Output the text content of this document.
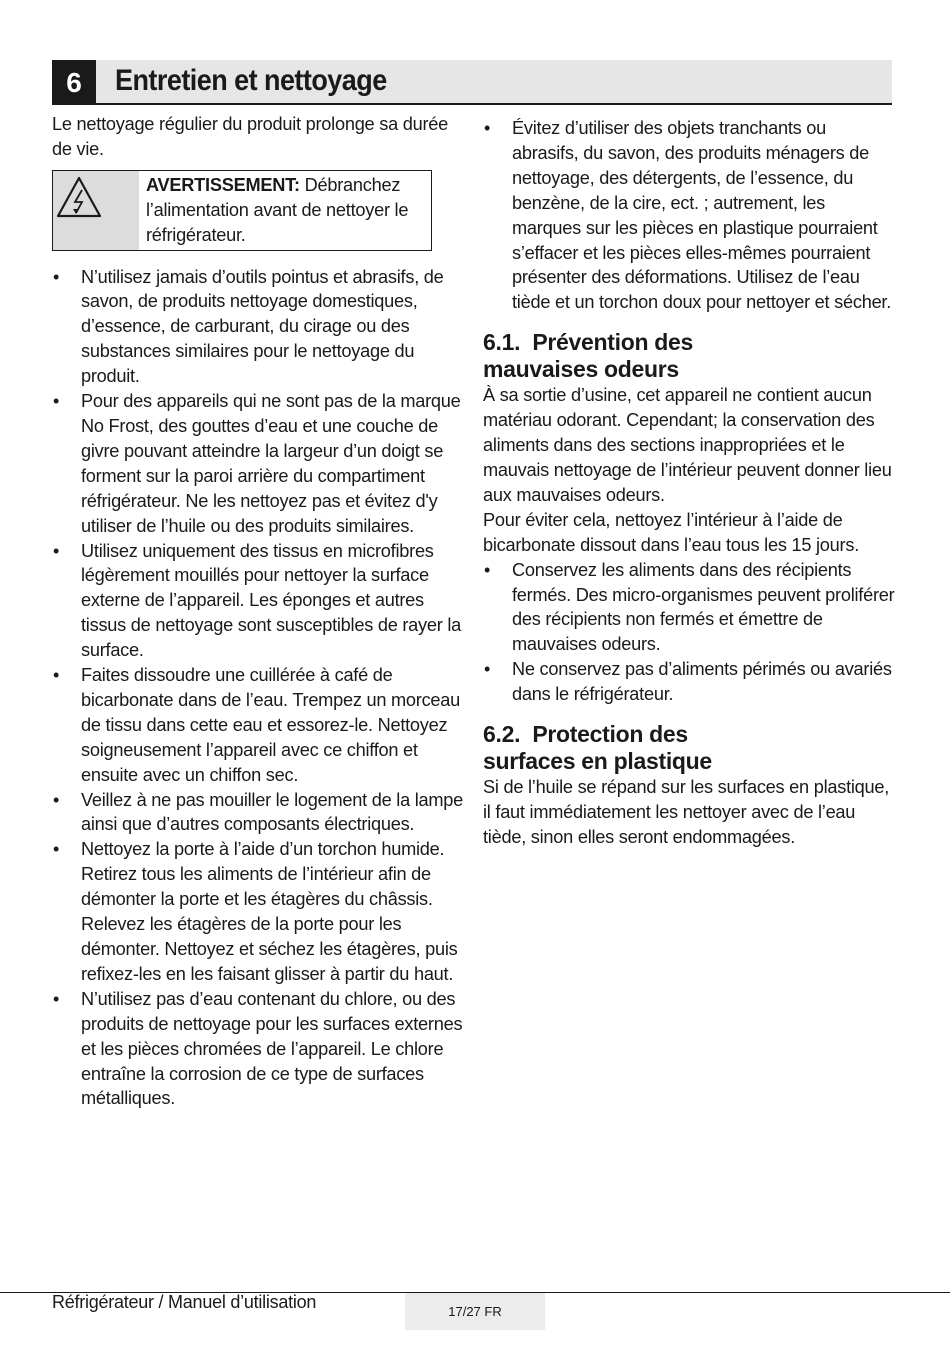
6	Entretien et nettoyage

Le nettoyage régulier du produit prolonge sa durée de vie.

AVERTISSEMENT: Débranchez l’alimentation avant de nettoyer le réfrigérateur.
• N’utilisez jamais d’outils pointus et abrasifs, de savon, de produits nettoyage domestiques, d’essence, de carburant, du cirage ou des substances similaires pour le nettoyage du produit.
• Pour des appareils qui ne sont pas de la marque No Frost, des gouttes d’eau et une couche de givre pouvant atteindre la largeur d’un doigt se forment sur la paroi arrière du compartiment réfrigérateur. Ne les nettoyez pas et évitez d'y utiliser de l’huile ou des produits similaires.
• Utilisez uniquement des tissus en microfibres légèrement mouillés pour nettoyer la surface externe de l’appareil. Les éponges et autres tissus de nettoyage sont susceptibles de rayer la surface.
• Faites dissoudre une cuillérée à café de bicarbonate dans de l’eau. Trempez un morceau de tissu dans cette eau et essorez-le. Nettoyez soigneusement l’appareil avec ce chiffon et ensuite avec un chiffon sec.
• Veillez à ne pas mouiller le logement de la lampe ainsi que d’autres composants électriques.
• Nettoyez la porte à l’aide d’un torchon humide. Retirez tous les aliments de l’intérieur afin de démonter la porte et les étagères du châssis. Relevez les étagères de la porte pour les démonter. Nettoyez et séchez les étagères, puis refixez-les en les faisant glisser à partir du haut.
• N’utilisez pas d’eau contenant du chlore, ou des produits de nettoyage pour les surfaces externes et les pièces chromées de l’appareil. Le chlore entraîne la corrosion de ce type de surfaces métalliques.
• Évitez d’utiliser des objets tranchants ou abrasifs, du savon, des produits ménagers de nettoyage, des détergents, de l’essence, du benzène, de la cire, ect. ; autrement, les marques sur les pièces en plastique pourraient s’effacer et les pièces elles-mêmes pourraient présenter des déformations. Utilisez de l’eau tiède et un torchon doux pour nettoyer et sécher.
6.1.  Prévention des
mauvaises odeurs

À sa sortie d’usine, cet appareil ne contient aucun matériau odorant. Cependant; la conservation des aliments dans des sections inappropriées et le mauvais nettoyage de l’intérieur peuvent donner lieu aux mauvaises odeurs.

Pour éviter cela, nettoyez l’intérieur à l’aide de bicarbonate dissout dans l’eau tous les 15 jours.

• Conservez les aliments dans des récipients fermés. Des micro-organismes peuvent proliférer des récipients non fermés et émettre de mauvaises odeurs.
• Ne conservez pas d’aliments périmés ou avariés dans le réfrigérateur.
6.2.  Protection des
surfaces en plastique

Si de l’huile se répand sur les surfaces en plastique, il faut immédiatement les nettoyer avec de l’eau tiède, sinon elles seront endommagées.

Réfrigérateur / Manuel d’utilisation	17/27 FR
